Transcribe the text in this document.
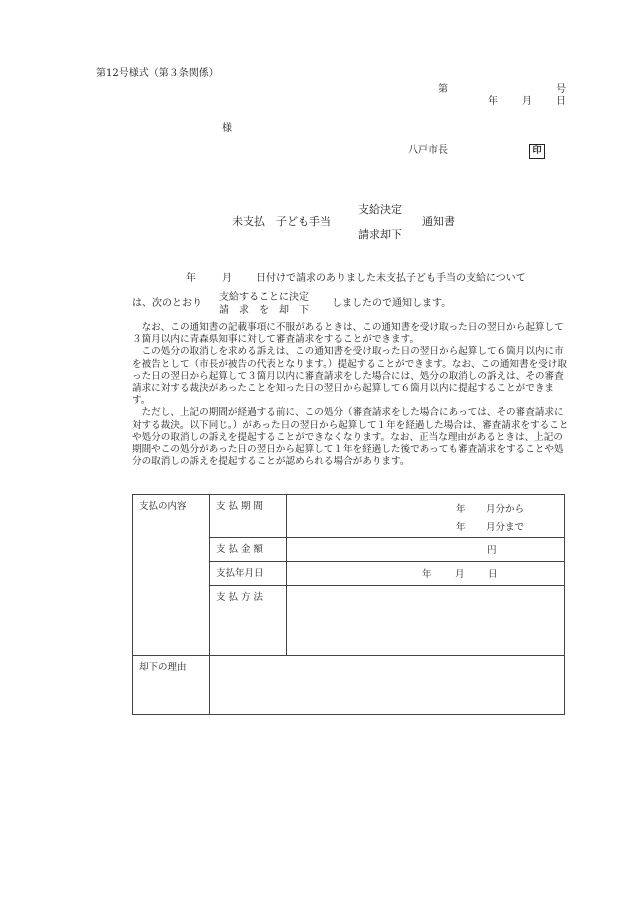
第12号様式（第３条関係）
第	号
年 月 日
様
八戸市長	印
未支払　子ども手当
支給決定
請求却下
通知書
年	月 日付けで請求のありました未支払子ども手当の支給について
は、次のとおり
支給することに決定
請　求　を　却　下
しましたので通知します。

　なお、この通知書の記載事項に不服があるときは、この通知書を受け取った日の翌日から起算して３箇月以内に青森県知事に対して審査請求をすることができます。

　この処分の取消しを求める訴えは、この通知書を受け取った日の翌日から起算して６箇月以内に市を被告として（市長が被告の代表となります。）提起することができます。なお、この通知書を受け取った日の翌日から起算して３箇月以内に審査請求をした場合には、処分の取消しの訴えは、その審査請求に対する裁決があったことを知った日の翌日から起算して６箇月以内に提起することができます。

　ただし、上記の期間が経過する前に、この処分（審査請求をした場合にあっては、その審査請求に対する裁決。以下同じ。）があった日の翌日から起算して１年を経過した場合は、審査請求をすることや処分の取消しの訴えを提起することができなくなります。なお、正当な理由があるときは、上記の期間やこの処分があった日の翌日から起算して１年を経過した後であっても審査請求をすることや処分の取消しの訴えを提起することが認められる場合があります。

支払の内容	支払期間	年 月分から
年 月分まで

	支払金額	円

	支払年月日	年 月 日

	支払方法	
却下の理由		
